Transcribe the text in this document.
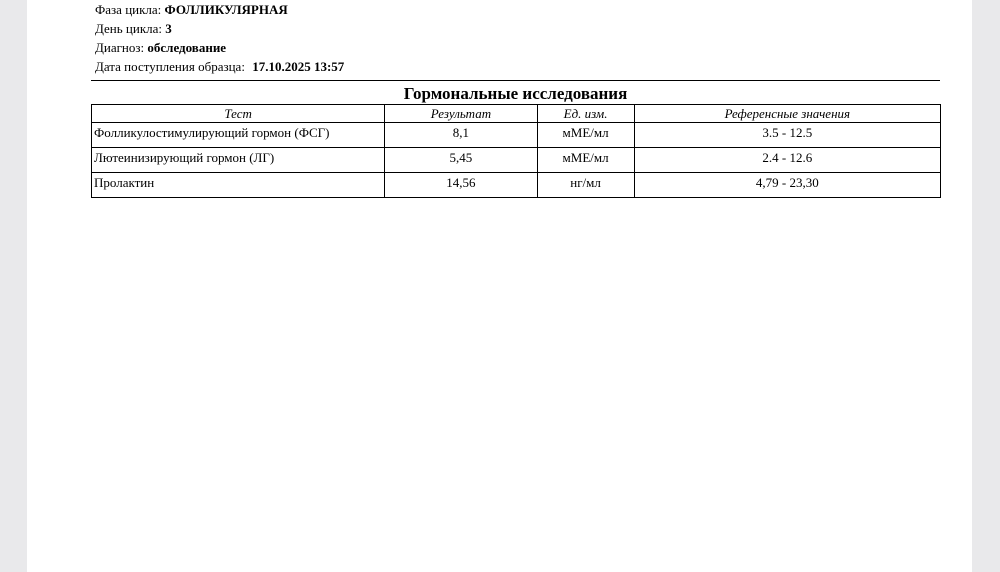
Фаза цикла: ФОЛЛИКУЛЯРНАЯ
День цикла: 3
Диагноз: обследование
Дата поступления образца: 17.10.2025 13:57
Гормональные исследования
Тест	Результат	Ед. изм.	Референсные значения
Фолликулостимулирующий гормон (ФСГ)	8,1	мМЕ/мл	3.5 - 12.5
Лютеинизирующий гормон (ЛГ)	5,45	мМЕ/мл	2.4 - 12.6
Пролактин	14,56	нг/мл	4,79 - 23,30
